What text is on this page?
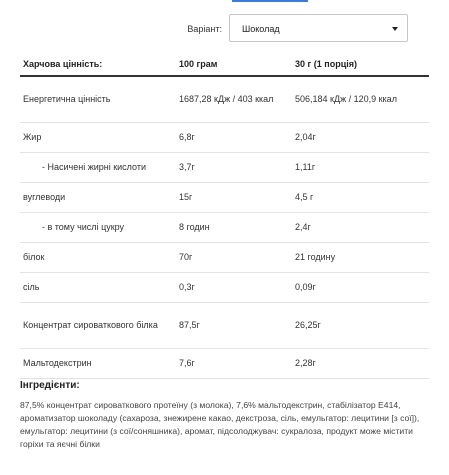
Варіант: Шоколад
Харчова цінність:	100 грам	30 г (1 порція)
Енергетична цінність	1687,28 кДж / 403 ккал	506,184 кДж / 120,9 ккал
Жир	6,8г	2,04г
- Насичені жирні кислоти	3,7г	1,11г
вуглеводи	15г	4,5 г
- в тому числі цукру	8 годин	2,4г
білок	70г	21 годину
сіль	0,3г	0,09г
Концентрат сироваткового білка	87,5г	26,25г
Мальтодекстрин	7,6г	2,28г
Інгредієнти:
87,5% концентрат сироваткового протеїну (з молока), 7,6% мальтодекстрин, стабілізатор Е414, ароматизатор шоколаду (сахароза, знежирене какао, декстроза, сіль, емульгатор: лецитини [з сої]), емульгатор: лецитини (з сої/соняшника), аромат, підсолоджувач: сукралоза, продукт може містити горіхи та яєчні білки
